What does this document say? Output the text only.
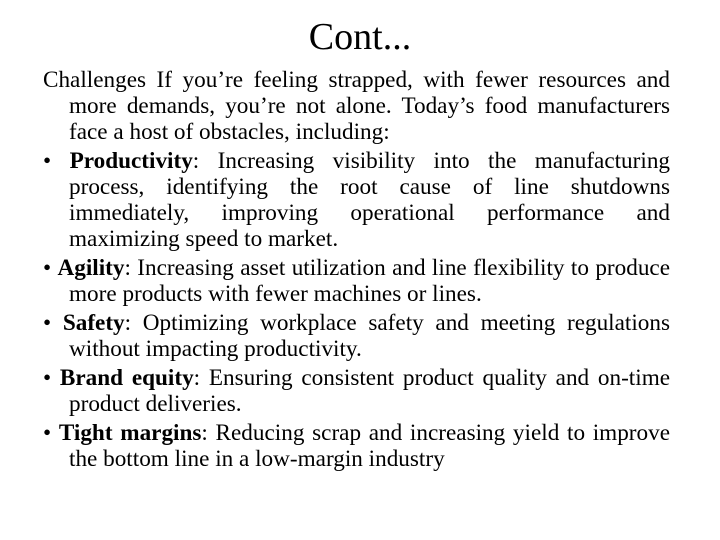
Cont...

Challenges If you’re feeling strapped, with fewer resources and more demands, you’re not alone. Today’s food manufacturers face a host of obstacles, including:

• Productivity: Increasing visibility into the manufacturing process, identifying the root cause of line shutdowns immediately, improving operational performance and maximizing speed to market.

• Agility: Increasing asset utilization and line flexibility to produce more products with fewer machines or lines.

• Safety: Optimizing workplace safety and meeting regulations without impacting productivity.

• Brand equity: Ensuring consistent product quality and on-time product deliveries.

• Tight margins: Reducing scrap and increasing yield to improve the bottom line in a low-margin industry
